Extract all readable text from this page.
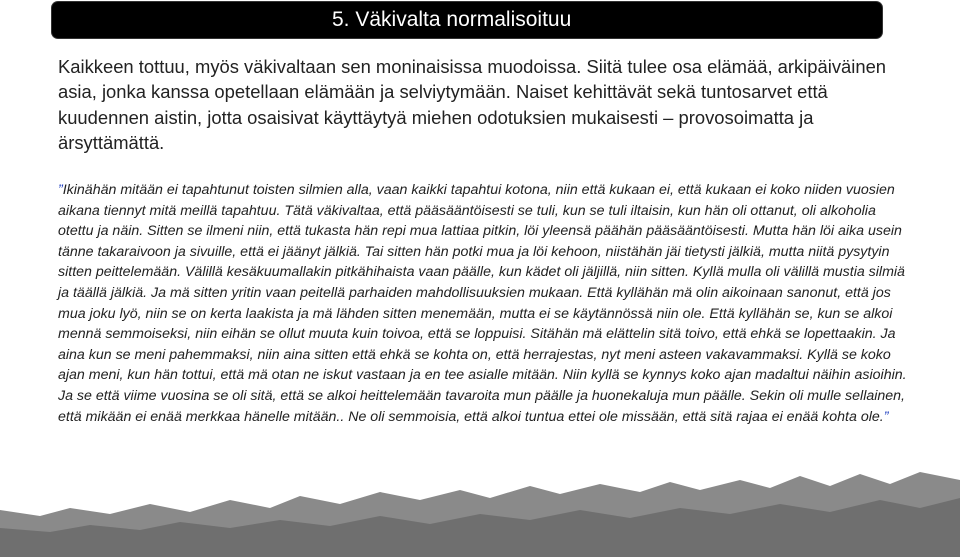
5. Väkivalta normalisoituu
Kaikkeen tottuu, myös väkivaltaan sen moninaisissa muodoissa. Siitä tulee osa elämää, arkipäiväinen asia, jonka kanssa opetellaan elämään ja selviytymään. Naiset kehittävät sekä tuntosarvet että kuudennen aistin, jotta osaisivat käyttäytyä miehen odotuksien mukaisesti – provosoimatta ja ärsyttämättä.
”Ikinähän mitään ei tapahtunut toisten silmien alla, vaan kaikki tapahtui kotona, niin että kukaan ei, että kukaan ei koko niiden vuosien aikana tiennyt mitä meillä tapahtuu. Tätä väkivaltaa, että pääsääntöisesti se tuli, kun se tuli iltaisin, kun hän oli ottanut, oli alkoholia otettu ja näin. Sitten se ilmeni niin, että tukasta hän repi mua lattiaa pitkin, löi yleensä päähän pääsääntöisesti. Mutta hän löi aika usein tänne takaraivoon ja sivuille, että ei jäänyt jälkiä. Tai sitten hän potki mua ja löi kehoon, niistähän jäi tietysti jälkiä, mutta niitä pysytyin sitten peittelemään. Välillä kesäkuumallakin pitkähihaista vaan päälle, kun kädet oli jäljillä, niin sitten. Kyllä mulla oli välillä mustia silmiä ja täällä jälkiä. Ja mä sitten yritin vaan peitellä parhaiden mahdollisuuksien mukaan. Että kyllähän mä olin aikoinaan sanonut, että jos mua joku lyö, niin se on kerta laakista ja mä lähden sitten menemään, mutta ei se käytännössä niin ole. Että kyllähän se, kun se alkoi mennä semmoiseksi, niin eihän se ollut muuta kuin toivoa, että se loppuisi. Sitähän mä elättelin sitä toivo, että ehkä se lopettaakin. Ja aina kun se meni pahemmaksi, niin aina sitten että ehkä se kohta on, että herrajestas, nyt meni asteen vakavammaksi. Kyllä se koko ajan meni, kun hän tottui, että mä otan ne iskut vastaan ja en tee asialle mitään. Niin kyllä se kynnys koko ajan madaltui näihin asioihin. Ja se että viime vuosina se oli sitä, että se alkoi heittelemään tavaroita mun päälle ja huonekaluja mun päälle. Sekin oli mulle sellainen, että mikään ei enää merkkaa hänelle mitään.. Ne oli semmoisia, että alkoi tuntua ettei ole missään, että sitä rajaa ei enää kohta ole.”
